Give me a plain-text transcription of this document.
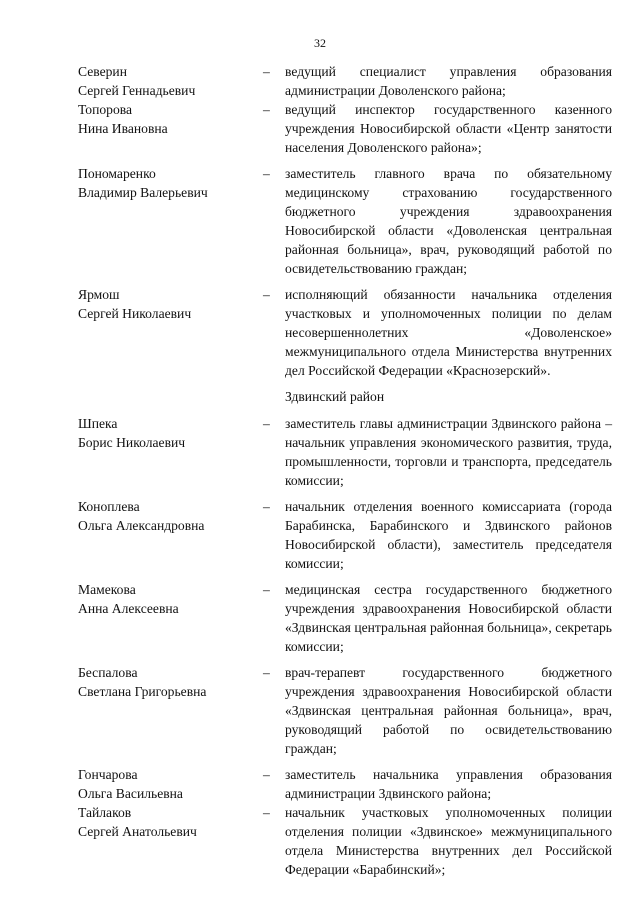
32
Северин
Сергей Геннадьевич
–	ведущий специалист управления образования администрации Доволенского района;
Топорова
Нина Ивановна
–	ведущий инспектор государственного казенного учреждения Новосибирской области «Центр занятости населения Доволенского района»;
Пономаренко
Владимир Валерьевич
–	заместитель главного врача по обязательному медицинскому страхованию государственного бюджетного учреждения здравоохранения Новосибирской области «Доволенская центральная районная больница», врач, руководящий работой по освидетельствованию граждан;
Ярмош
Сергей Николаевич
–	исполняющий обязанности начальника отделения участковых и уполномоченных полиции по делам несовершеннолетних «Доволенское» межмуниципального отдела Министерства внутренних дел Российской Федерации «Краснозерский».
Здвинский район
Шпека
Борис Николаевич
–	заместитель главы администрации Здвинского района – начальник управления экономического развития, труда, промышленности, торговли и транспорта, председатель комиссии;
Коноплева
Ольга Александровна
–	начальник отделения военного комиссариата (города Барабинска, Барабинского и Здвинского районов Новосибирской области), заместитель председателя комиссии;
Мамекова
Анна Алексеевна
–	медицинская сестра государственного бюджетного учреждения здравоохранения Новосибирской области «Здвинская центральная районная больница», секретарь комиссии;
Беспалова
Светлана Григорьевна
–	врач-терапевт государственного бюджетного учреждения здравоохранения Новосибирской области «Здвинская центральная районная больница», врач, руководящий работой по освидетельствованию граждан;
Гончарова
Ольга Васильевна
–	заместитель начальника управления образования администрации Здвинского района;
Тайлаков
Сергей Анатольевич
–	начальник участковых уполномоченных полиции отделения полиции «Здвинское» межмуниципального отдела Министерства внутренних дел Российской Федерации «Барабинский»;
